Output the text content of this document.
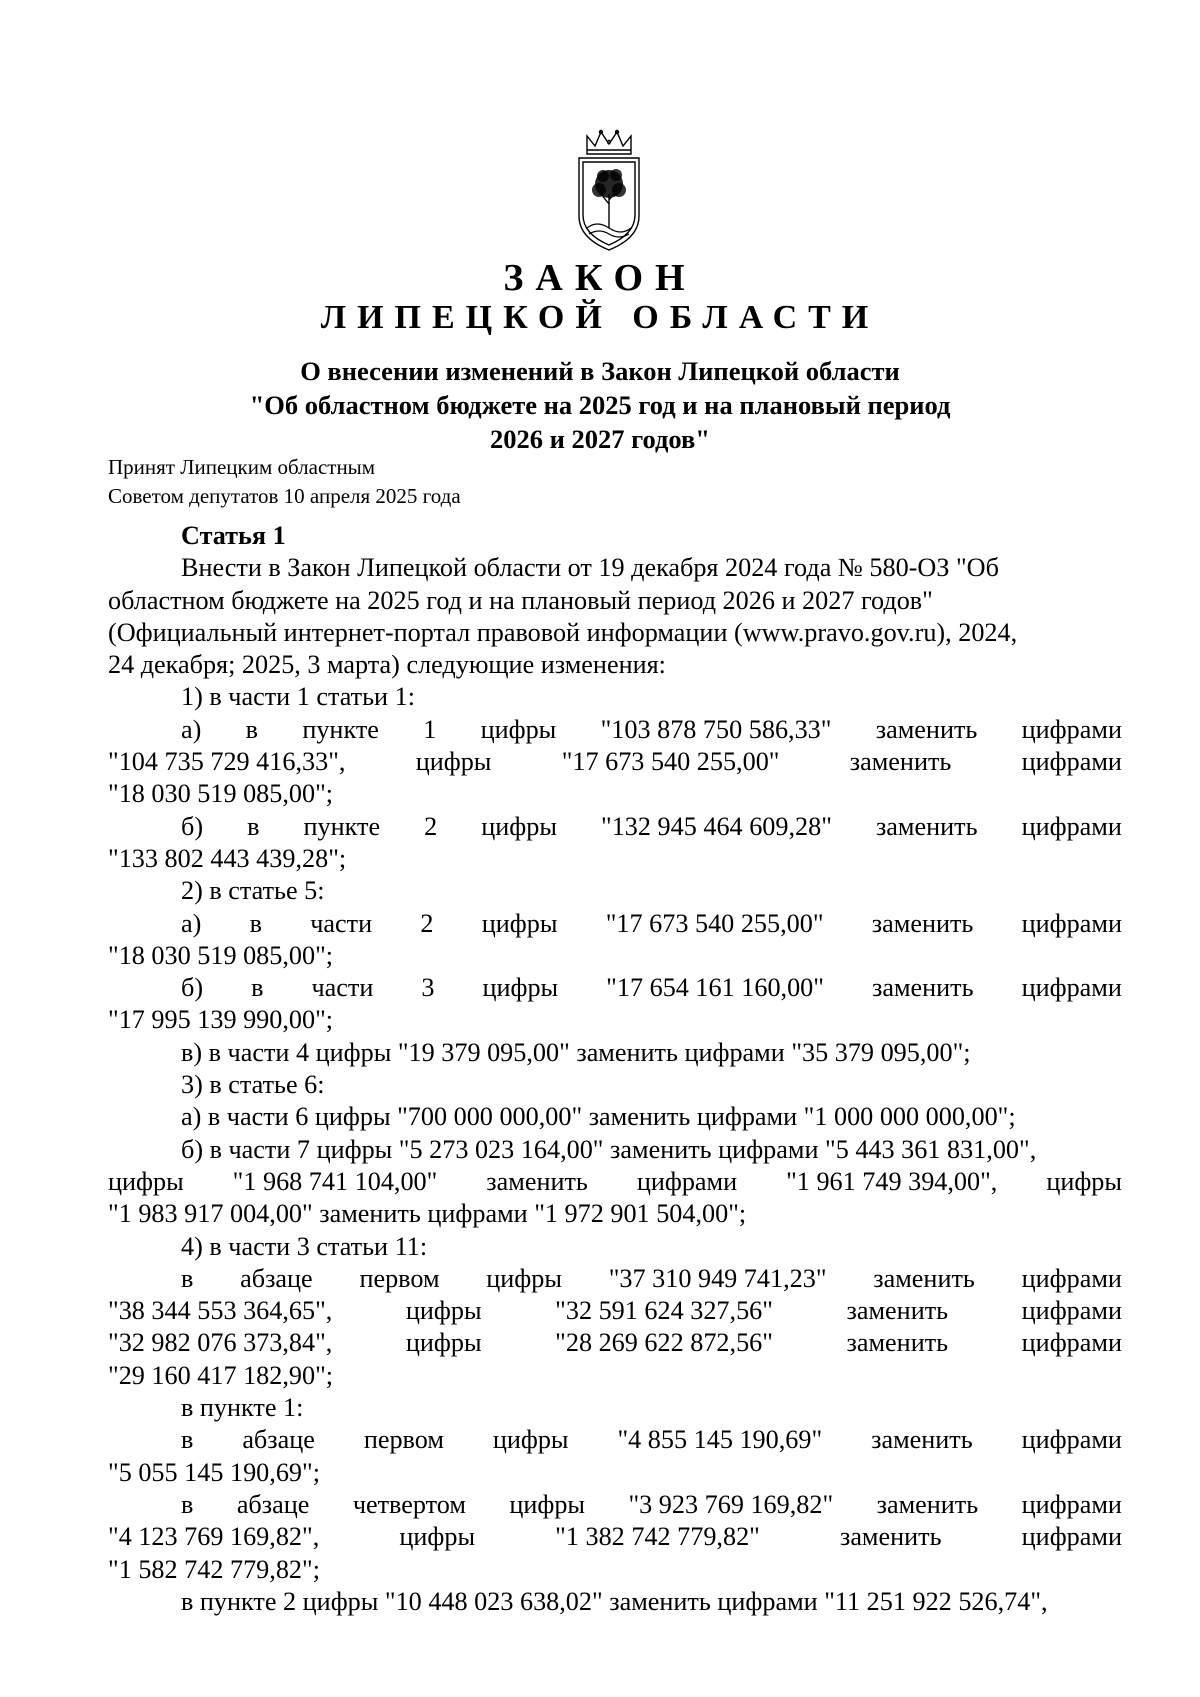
ЗАКОН
ЛИПЕЦКОЙ ОБЛАСТИ
О внесении изменений в Закон Липецкой области
"Об областном бюджете на 2025 год и на плановый период
2026 и 2027 годов"
Принят Липецким областным
Советом депутатов 10 апреля 2025 года
Статья 1
Внести в Закон Липецкой области от 19 декабря 2024 года № 580-ОЗ "Об
областном бюджете на 2025 год и на плановый период 2026 и 2027 годов"
(Официальный интернет-портал правовой информации (www.pravo.gov.ru), 2024,
24 декабря; 2025, 3 марта) следующие изменения:
1) в части 1 статьи 1:
а) в пункте 1 цифры "103 878 750 586,33" заменить цифрами
"104 735 729 416,33",	цифры	"17 673 540 255,00"	заменить	цифрами
"18 030 519 085,00";
б) в пункте 2 цифры "132 945 464 609,28" заменить цифрами
"133 802 443 439,28";
2) в статье 5:
а) в части 2 цифры "17 673 540 255,00" заменить цифрами
"18 030 519 085,00";
б) в части 3 цифры "17 654 161 160,00" заменить цифрами
"17 995 139 990,00";
в) в части 4 цифры "19 379 095,00" заменить цифрами "35 379 095,00";
3) в статье 6:
а) в части 6 цифры "700 000 000,00" заменить цифрами "1 000 000 000,00";
б) в части 7 цифры "5 273 023 164,00" заменить цифрами "5 443 361 831,00",
цифры "1 968 741 104,00" заменить цифрами "1 961 749 394,00", цифры
"1 983 917 004,00" заменить цифрами "1 972 901 504,00";
4) в части 3 статьи 11:
в абзаце первом цифры "37 310 949 741,23" заменить цифрами
"38 344 553 364,65",	цифры	"32 591 624 327,56"	заменить	цифрами
"32 982 076 373,84",	цифры	"28 269 622 872,56"	заменить	цифрами
"29 160 417 182,90";
в пункте 1:
в абзаце первом цифры "4 855 145 190,69" заменить цифрами
"5 055 145 190,69";
в абзаце четвертом цифры "3 923 769 169,82" заменить цифрами
"4 123 769 169,82",	цифры	"1 382 742 779,82"	заменить	цифрами
"1 582 742 779,82";
в пункте 2 цифры "10 448 023 638,02" заменить цифрами "11 251 922 526,74",
